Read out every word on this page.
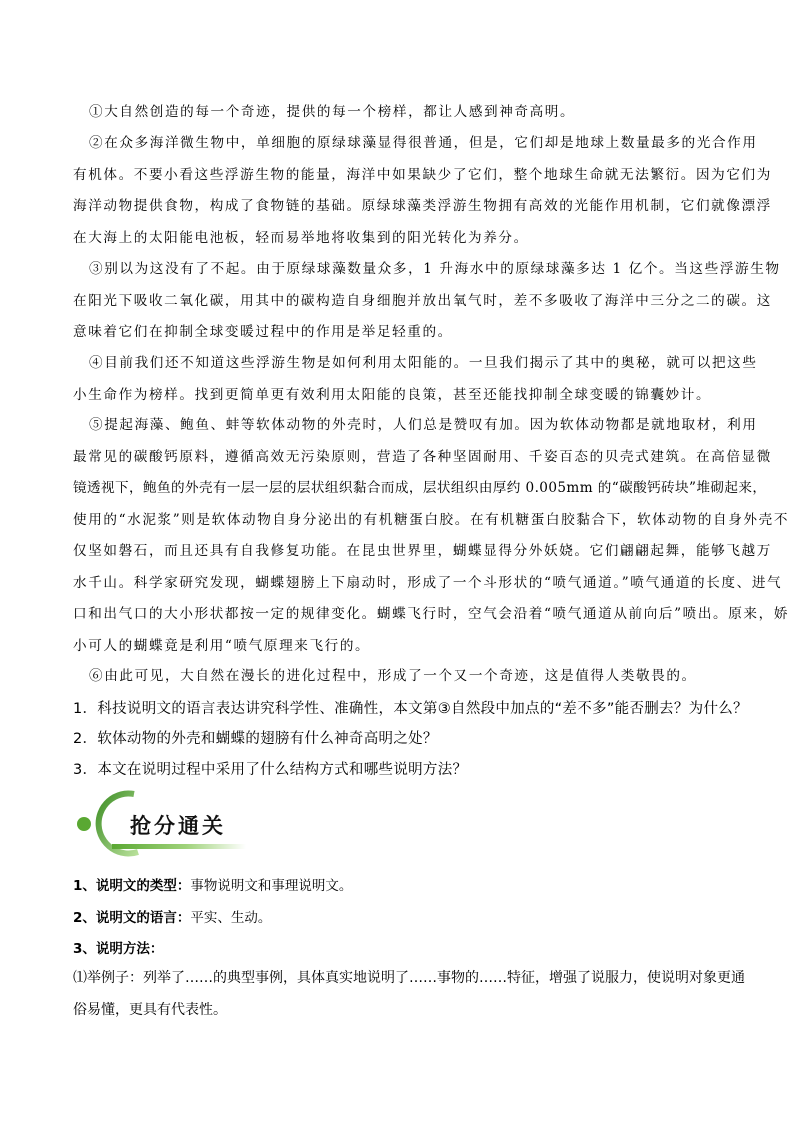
①大自然创造的每一个奇迹，提供的每一个榜样，都让人感到神奇高明。
②在众多海洋微生物中，单细胞的原绿球藻显得很普通，但是，它们却是地球上数量最多的光合作用
有机体。不要小看这些浮游生物的能量，海洋中如果缺少了它们，整个地球生命就无法繁衍。因为它们为
海洋动物提供食物，构成了食物链的基础。原绿球藻类浮游生物拥有高效的光能作用机制，它们就像漂浮
在大海上的太阳能电池板，轻而易举地将收集到的阳光转化为养分。
③别以为这没有了不起。由于原绿球藻数量众多，1 升海水中的原绿球藻多达 1 亿个。当这些浮游生物
在阳光下吸收二氧化碳，用其中的碳构造自身细胞并放出氧气时，差不多吸收了海洋中三分之二的碳。这
意味着它们在抑制全球变暖过程中的作用是举足轻重的。
④目前我们还不知道这些浮游生物是如何利用太阳能的。一旦我们揭示了其中的奥秘，就可以把这些
小生命作为榜样。找到更简单更有效利用太阳能的良策，甚至还能找抑制全球变暖的锦囊妙计。
⑤提起海藻、鲍鱼、蚌等软体动物的外壳时，人们总是赞叹有加。因为软体动物都是就地取材，利用
最常见的碳酸钙原料，遵循高效无污染原则，营造了各种坚固耐用、千姿百态的贝壳式建筑。在高倍显微
镜透视下，鲍鱼的外壳有一层一层的层状组织黏合而成，层状组织由厚约 0.005mm 的“碳酸钙砖块”堆砌起来，
使用的“水泥浆”则是软体动物自身分泌出的有机糖蛋白胶。在有机糖蛋白胶黏合下，软体动物的自身外壳不
仅坚如磐石，而且还具有自我修复功能。在昆虫世界里，蝴蝶显得分外妖娆。它们翩翩起舞，能够飞越万
水千山。科学家研究发现，蝴蝶翅膀上下扇动时，形成了一个斗形状的“喷气通道。”喷气通道的长度、进气
口和出气口的大小形状都按一定的规律变化。蝴蝶飞行时，空气会沿着“喷气通道从前向后”喷出。原来，娇
小可人的蝴蝶竟是利用“喷气原理来飞行的。
⑥由此可见，大自然在漫长的进化过程中，形成了一个又一个奇迹，这是值得人类敬畏的。
1．科技说明文的语言表达讲究科学性、准确性，本文第③自然段中加点的“差不多”能否删去？为什么？
2．软体动物的外壳和蝴蝶的翅膀有什么神奇高明之处？
3．本文在说明过程中采用了什么结构方式和哪些说明方法？
抢分通关
1、说明文的类型：事物说明文和事理说明文。
2、说明文的语言：平实、生动。
3、说明方法：
⑴举例子：列举了……的典型事例，具体真实地说明了……事物的……特征，增强了说服力，使说明对象更通
俗易懂，更具有代表性。
